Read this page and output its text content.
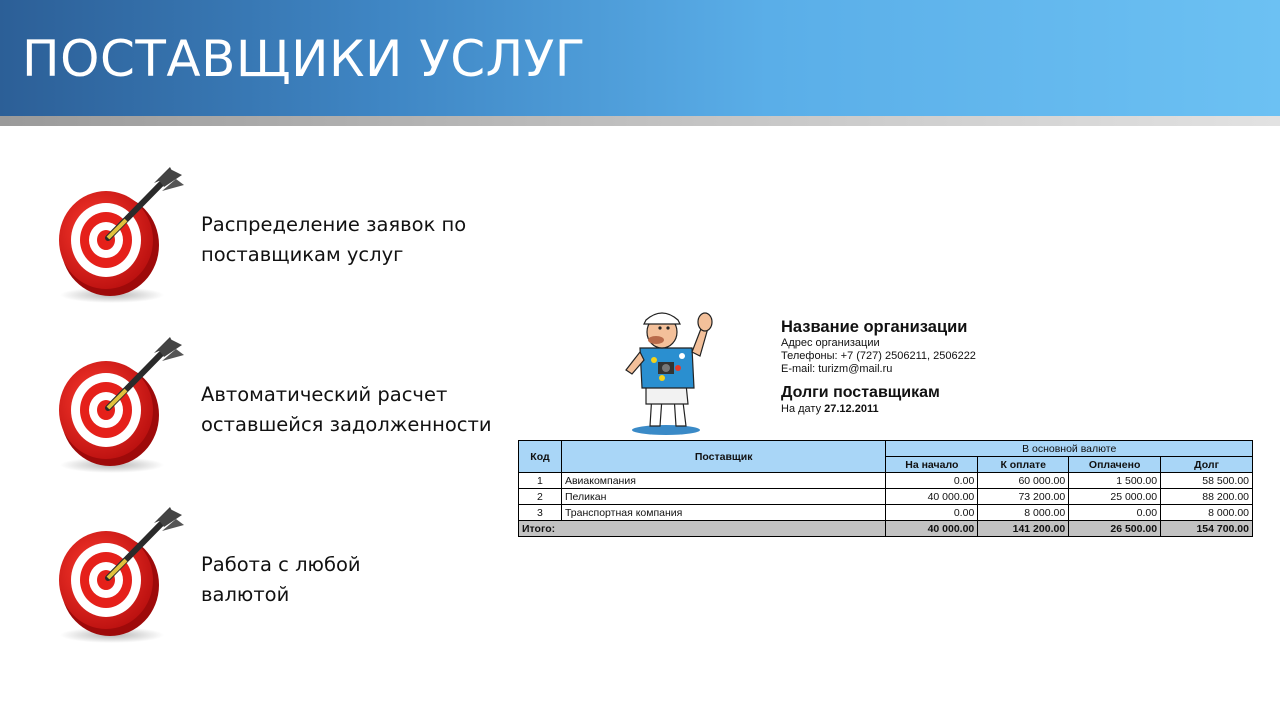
ПОСТАВЩИКИ УСЛУГ
Распределение заявок по
поставщикам услуг
Автоматический расчет
оставшейся задолженности
Работа с любой
валютой
Название организации
Адрес организации
Телефоны: +7 (727) 2506211, 2506222
E-mail: turizm@mail.ru
Долги поставщикам
На дату 27.12.2011
Код	Поставщик	В основной валюте			
		На начало	К оплате	Оплачено	Долг
1	Авиакомпания	0.00	60 000.00	1 500.00	58 500.00
2	Пеликан	40 000.00	73 200.00	25 000.00	88 200.00
3	Транспортная компания	0.00	8 000.00	0.00	8 000.00
Итого:		40 000.00	141 200.00	26 500.00	154 700.00
